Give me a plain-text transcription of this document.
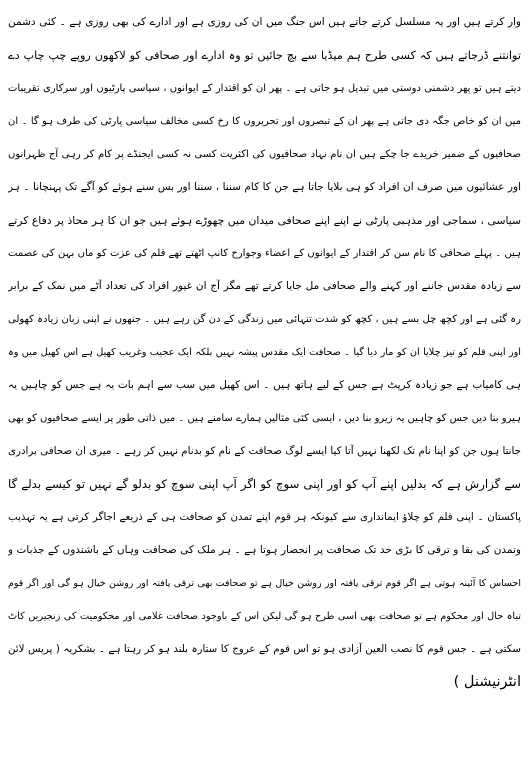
وار کرتے ہیں اور یہ مسلسل کرتے جاتے ہیں اس جنگ میں ان کی روزی ہے اور ادارے کی بھی روزی ہے ۔ کئی دشمن
توانتنے ڈرجاتے ہیں کہ کسی طرح ہم میڈیا سے بچ جائیں تو وہ ادارے اور صحافی کو لاکھوں روپے چپ چاپ دے
دیتے ہیں تو پھر دشمنی دوستی میں تبدیل ہو جاتی ہے ۔ پھر ان کو اقتدار کے ایوانوں ، سیاسی پارٹیوں اور سرکاری تقریبات
میں ان کو خاص جگہ دی جاتی ہے پھر ان کے تبصروں اور تحریروں کا رخ کسی مخالف سیاسی پارٹی کی طرف ہو گا ۔ ان
صحافیوں کے ضمیر خریدے جا چکے ہیں ان نام نہاد صحافیوں کی اکثریت کسی نہ کسی ایجنڈے پر کام کر رہی آج ظہرانوں
اور عشائیوں میں صرف ان افراد کو ہی بلایا جاتا ہے جن کا کام سننا ، سننا اور بس سنے ہوئے کو آگے تک پہنچانا ۔ ہر
سیاسی ، سماجی اور مذہبی پارٹی نے اپنے اپنے صحافی میدان میں چھوڑے ہوئے ہیں جو ان کا ہر محاذ پر دفاع کرتے
ہیں ۔ پہلے صحافی کا نام سن کر اقتدار کے ایوانوں کے اعضاء وجوارح کانپ اٹھتے تھے قلم کی عزت کو ماں بہن کی عصمت
سے زیادہ مقدس جاننے اور کہنے والے صحافی مل جایا کرتے تھے مگر آج ان غیور افراد کی تعداد آٹے میں نمک کے برابر
رہ گئی ہے اور کچھ چل بسے ہیں ، کچھ کو شدت تنہائی میں زندگی کے دن گن رہے ہیں ۔ جنھوں نے اپنی زبان زیادہ کھولی
اور اپنی قلم کو تیز چلایا ان کو مار دیا گیا ۔ صحافت ایک مقدس پیشہ نہیں بلکہ ایک عجیب وغریب کھیل ہے اس کھیل میں وہ
ہی کامیاب ہے جو زیادہ کرپٹ ہے جس کے لیے ہاتھ ہیں ۔ اس کھیل میں سب سے اہم بات یہ ہے جس کو چاہیں یہ
ہیرو بنا دیں جس کو چاہیں یہ زیرو بنا دیں ، ایسی کئی مثالیں ہمارے سامنے ہیں ۔ میں ذاتی طور پر ایسے صحافیوں کو بھی
جانتا ہوں جن کو اپنا نام تک لکھنا نہیں آتا کیا ایسے لوگ صحافت کے نام کو بدنام نہیں کر رہے ۔ میری ان صحافی برادری
سے گزارش ہے کہ بدلیں اپنے آپ کو اور اپنی سوچ کو اگر آپ اپنی سوچ کو بدلو گے نہیں تو کیسے بدلے گا
پاکستان ۔ اپنی قلم کو چلاؤ ایمانداری سے کیونکہ ہر قوم اپنے تمدن کو صحافت ہی کے ذریعے اجاگر کرتی ہے یہ تہذیب
وتمدن کی بقا و ترقی کا بڑی حد تک صحافت پر انحصار ہوتا ہے ۔ ہر ملک کی صحافت وہاں کے باشندوں کے جذبات و
احساس کا آئینہ ہوتی ہے اگر قوم ترقی یافتہ اور روشن خیال ہے تو صحافت بھی ترقی یافتہ اور روشن خیال ہو گی اور اگر قوم
تباہ حال اور محکوم ہے تو صحافت بھی اسی طرح ہو گی لیکن اس کے باوجود صحافت غلامی اور محکومیت کی زنجیریں کاٹ
سکتی ہے ۔ جس قوم کا نصب العین آزادی ہو تو اس قوم کے عروج کا ستارہ بلند ہو کر رہتا ہے ۔ بشکریہ ( پریس لائن
انٹرنیشنل )
